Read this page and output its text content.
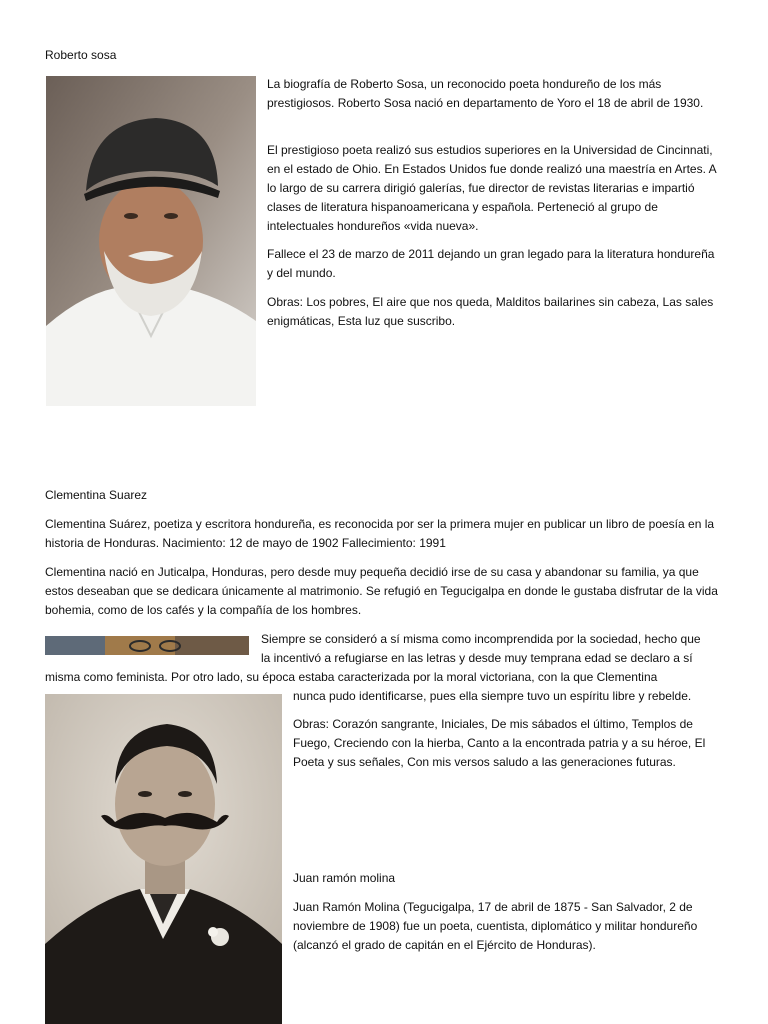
Roberto sosa

La biografía de Roberto Sosa, un reconocido poeta hondureño de los más prestigiosos. Roberto Sosa nació en departamento de Yoro el 18 de abril de 1930.

El prestigioso poeta realizó sus estudios superiores en la Universidad de Cincinnati, en el estado de Ohio. En Estados Unidos fue donde realizó una maestría en Artes. A lo largo de su carrera dirigió galerías, fue director de revistas literarias e impartió clases de literatura hispanoamericana y española. Perteneció al grupo de intelectuales hondureños «vida nueva».

Fallece el 23 de marzo de 2011 dejando un gran legado para la literatura hondureña y del mundo.

Obras: Los pobres, El aire que nos queda, Malditos bailarines sin cabeza, Las sales enigmáticas, Esta luz que suscribo.

Clementina Suarez

Clementina Suárez, poetiza y escritora hondureña, es reconocida por ser la primera mujer en publicar un libro de poesía en la historia de Honduras. Nacimiento: 12 de mayo de 1902 Fallecimiento: 1991

Clementina nació en Juticalpa, Honduras, pero desde muy pequeña decidió irse de su casa y abandonar su familia, ya que estos deseaban que se dedicara únicamente al matrimonio. Se refugió en Tegucigalpa en donde le gustaba disfrutar de la vida bohemia, como de los cafés y la compañía de los hombres.

Siempre se consideró a sí misma como incomprendida por la sociedad, hecho que
la incentivó a refugiarse en las letras y desde muy temprana edad se declaro a sí
misma como feminista. Por otro lado, su época estaba caracterizada por la moral victoriana, con la que Clementina
nunca pudo identificarse, pues ella siempre tuvo un espíritu libre y rebelde.

Obras: Corazón sangrante, Iniciales, De mis sábados el último, Templos de Fuego, Creciendo con la hierba, Canto a la encontrada patria y a su héroe, El Poeta y sus señales, Con mis versos saludo a las generaciones futuras.

Juan ramón molina

Juan Ramón Molina (Tegucigalpa, 17 de abril de 1875 - San Salvador, 2 de noviembre de 1908) fue un poeta, cuentista, diplomático y militar hondureño (alcanzó el grado de capitán en el Ejército de Honduras).
